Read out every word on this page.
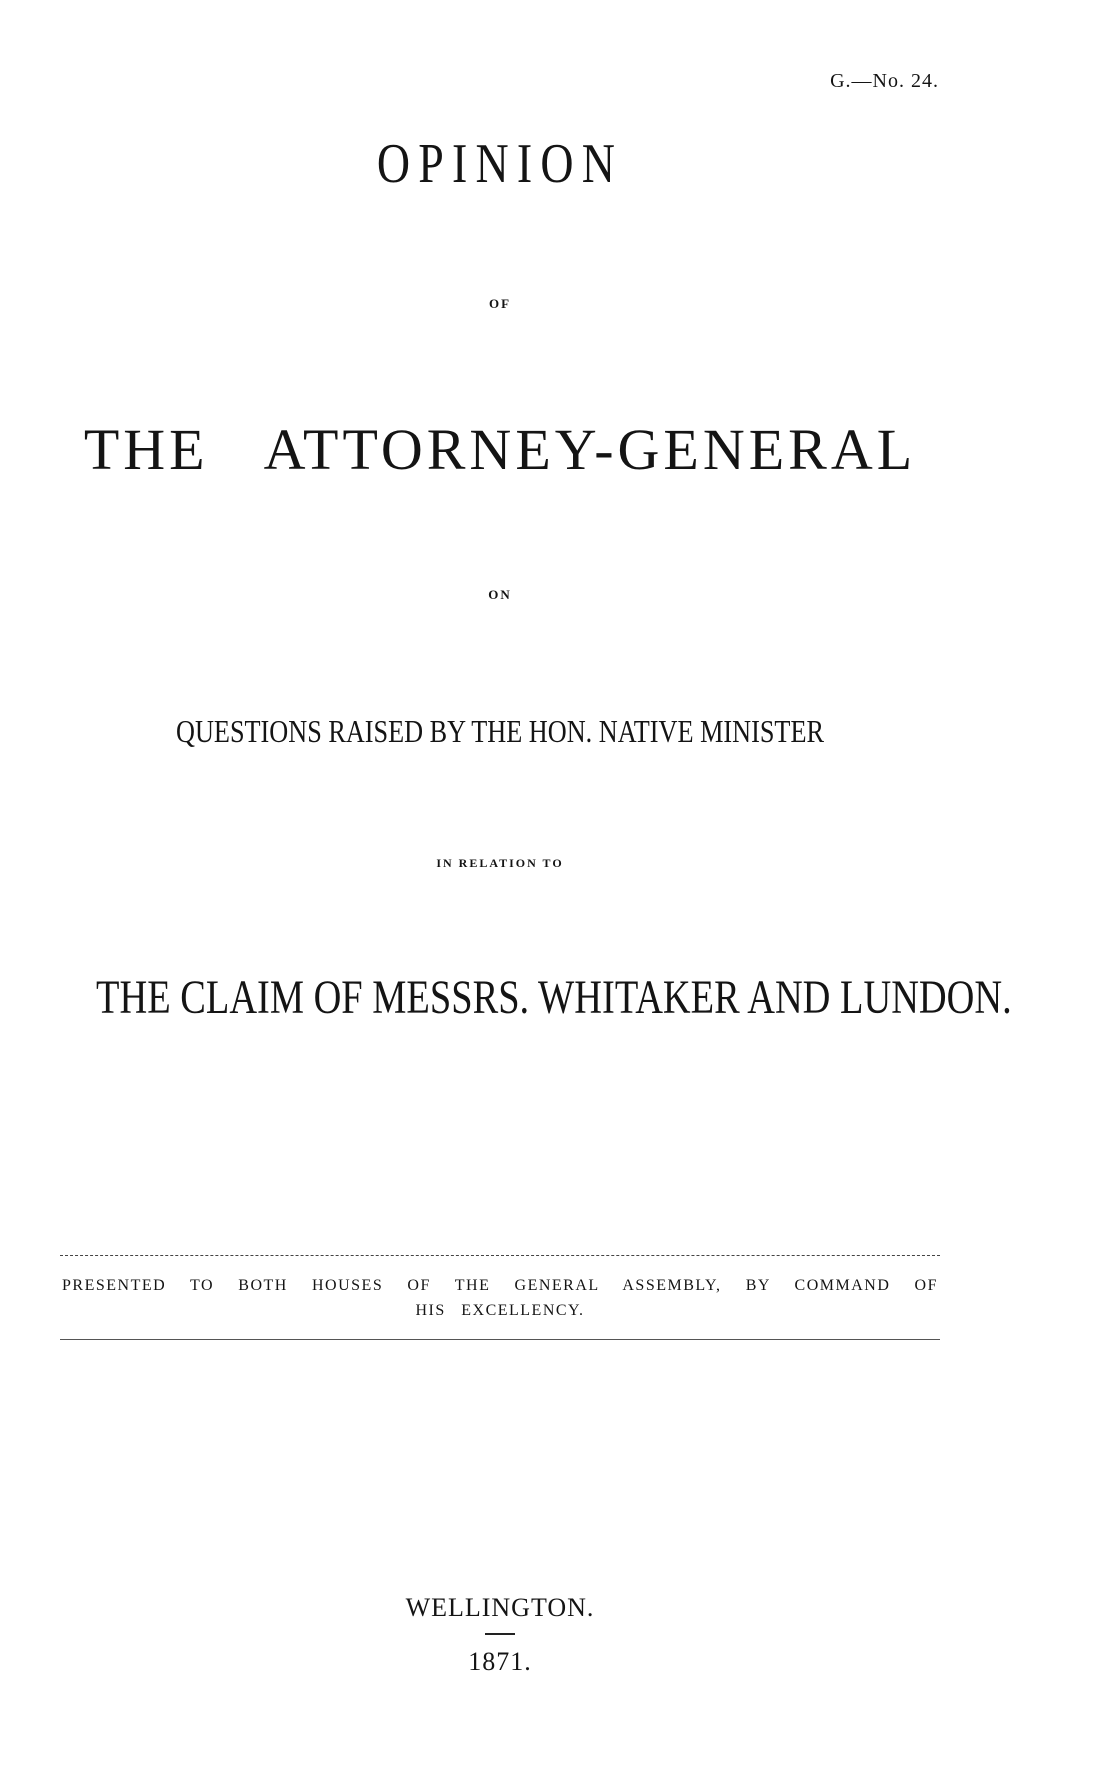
G.—No. 24.
OPINION
OF
THE ATTORNEY-GENERAL
ON
QUESTIONS RAISED BY THE HON. NATIVE MINISTER
IN RELATION TO
THE CLAIM OF MESSRS. WHITAKER AND LUNDON.
PRESENTED TO BOTH HOUSES OF THE GENERAL ASSEMBLY, BY COMMAND OF
HIS EXCELLENCY.
WELLINGTON.
1871.
